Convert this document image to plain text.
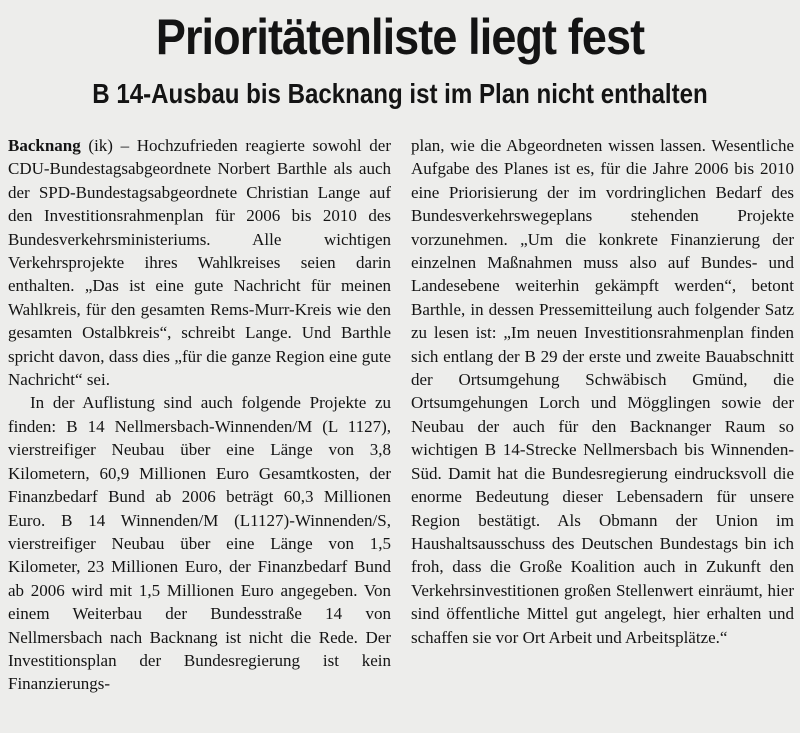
Prioritätenliste liegt fest
B 14-Ausbau bis Backnang ist im Plan nicht enthalten

Backnang (ik) – Hochzufrieden reagierte sowohl der CDU-Bundestagsabgeordnete Norbert Barthle als auch der SPD-Bundestagsabgeordnete Christian Lange auf den Investitionsrahmenplan für 2006 bis 2010 des Bundesverkehrsministeriums. Alle wichtigen Verkehrsprojekte ihres Wahlkreises seien darin enthalten. „Das ist eine gute Nachricht für meinen Wahlkreis, für den gesamten Rems-Murr-Kreis wie den gesamten Ostalbkreis“, schreibt Lange. Und Barthle spricht davon, dass dies „für die ganze Region eine gute Nachricht“ sei.

In der Auflistung sind auch folgende Projekte zu finden: B 14 Nellmersbach-Winnenden/M (L 1127), vierstreifiger Neubau über eine Länge von 3,8 Kilometern, 60,9 Millionen Euro Gesamtkosten, der Finanzbedarf Bund ab 2006 beträgt 60,3 Millionen Euro. B 14 Winnenden/M (L1127)-Winnenden/S, vierstreifiger Neubau über eine Länge von 1,5 Kilometer, 23 Millionen Euro, der Finanzbedarf Bund ab 2006 wird mit 1,5 Millionen Euro angegeben. Von einem Weiterbau der Bundesstraße 14 von Nellmersbach nach Backnang ist nicht die Rede. Der Investitionsplan der Bundesregierung ist kein Finanzierungs-

plan, wie die Abgeordneten wissen lassen. Wesentliche Aufgabe des Planes ist es, für die Jahre 2006 bis 2010 eine Priorisierung der im vordringlichen Bedarf des Bundesverkehrswegeplans stehenden Projekte vorzunehmen. „Um die konkrete Finanzierung der einzelnen Maßnahmen muss also auf Bundes- und Landesebene weiterhin gekämpft werden“, betont Barthle, in dessen Pressemitteilung auch folgender Satz zu lesen ist: „Im neuen Investitionsrahmenplan finden sich entlang der B 29 der erste und zweite Bauabschnitt der Ortsumgehung Schwäbisch Gmünd, die Ortsumgehungen Lorch und Mögglingen sowie der Neubau der auch für den Backnanger Raum so wichtigen B 14-Strecke Nellmersbach bis Winnenden-Süd. Damit hat die Bundesregierung eindrucksvoll die enorme Bedeutung dieser Lebensadern für unsere Region bestätigt. Als Obmann der Union im Haushaltsausschuss des Deutschen Bundestags bin ich froh, dass die Große Koalition auch in Zukunft den Verkehrsinvestitionen großen Stellenwert einräumt, hier sind öffentliche Mittel gut angelegt, hier erhalten und schaffen sie vor Ort Arbeit und Arbeitsplätze.“
